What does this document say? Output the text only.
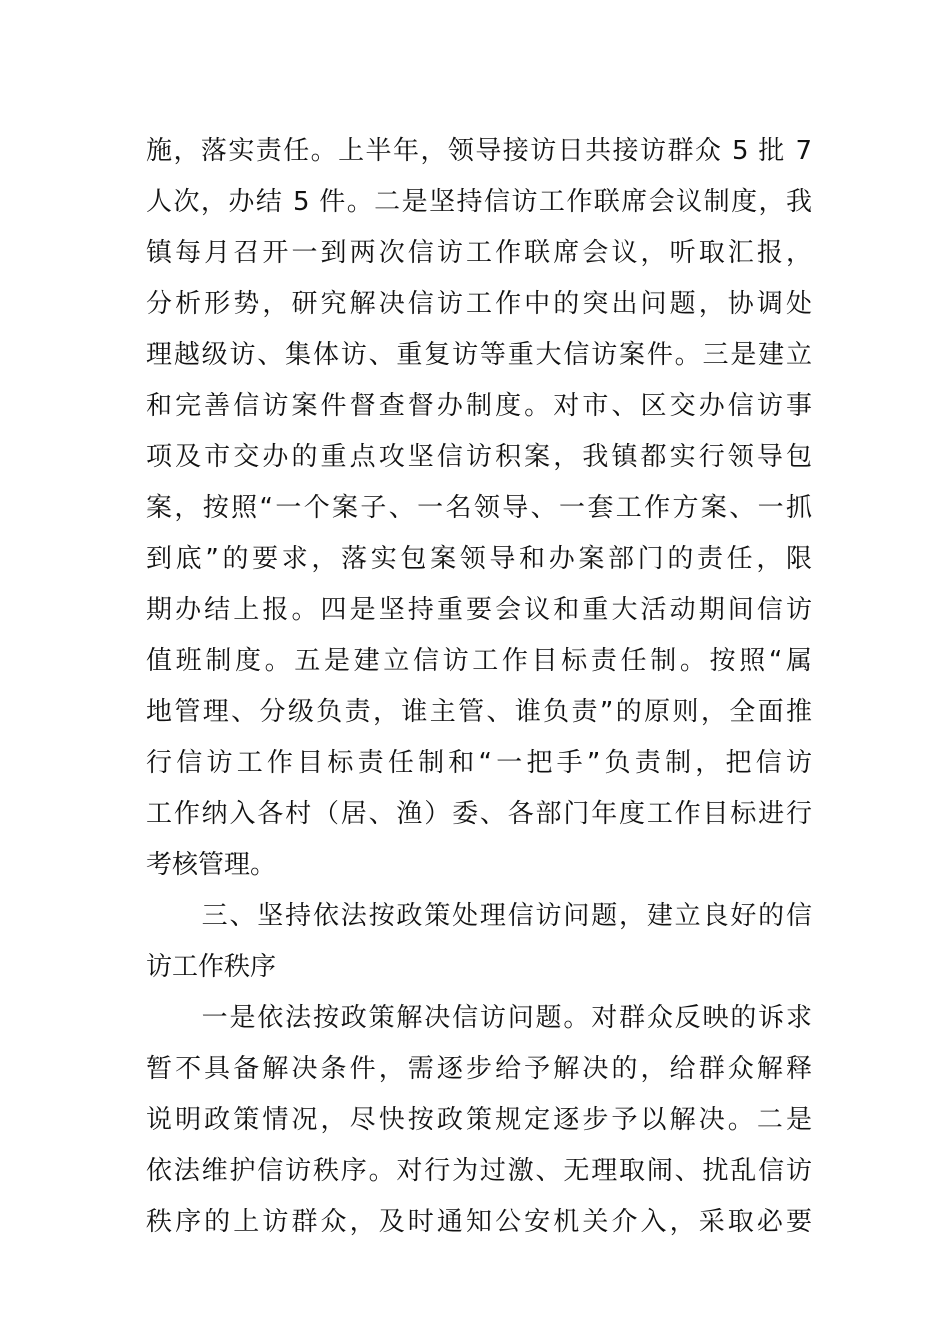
施，落实责任。上半年，领导接访日共接访群众 5 批 7
人次，办结 5 件。二是坚持信访工作联席会议制度，我
镇每月召开一到两次信访工作联席会议，听取汇报，
分析形势，研究解决信访工作中的突出问题，协调处
理越级访、集体访、重复访等重大信访案件。三是建立
和完善信访案件督查督办制度。对市、区交办信访事
项及市交办的重点攻坚信访积案，我镇都实行领导包
案，按照“一个案子、一名领导、一套工作方案、一抓
到底”的要求，落实包案领导和办案部门的责任，限
期办结上报。四是坚持重要会议和重大活动期间信访
值班制度。五是建立信访工作目标责任制。按照“属
地管理、分级负责，谁主管、谁负责”的原则，全面推
行信访工作目标责任制和“一把手”负责制，把信访
工作纳入各村（居、渔）委、各部门年度工作目标进行
考核管理。
　　三、坚持依法按政策处理信访问题，建立良好的信
访工作秩序
　　一是依法按政策解决信访问题。对群众反映的诉求
暂不具备解决条件，需逐步给予解决的，给群众解释
说明政策情况，尽快按政策规定逐步予以解决。二是
依法维护信访秩序。对行为过激、无理取闹、扰乱信访
秩序的上访群众，及时通知公安机关介入，采取必要
